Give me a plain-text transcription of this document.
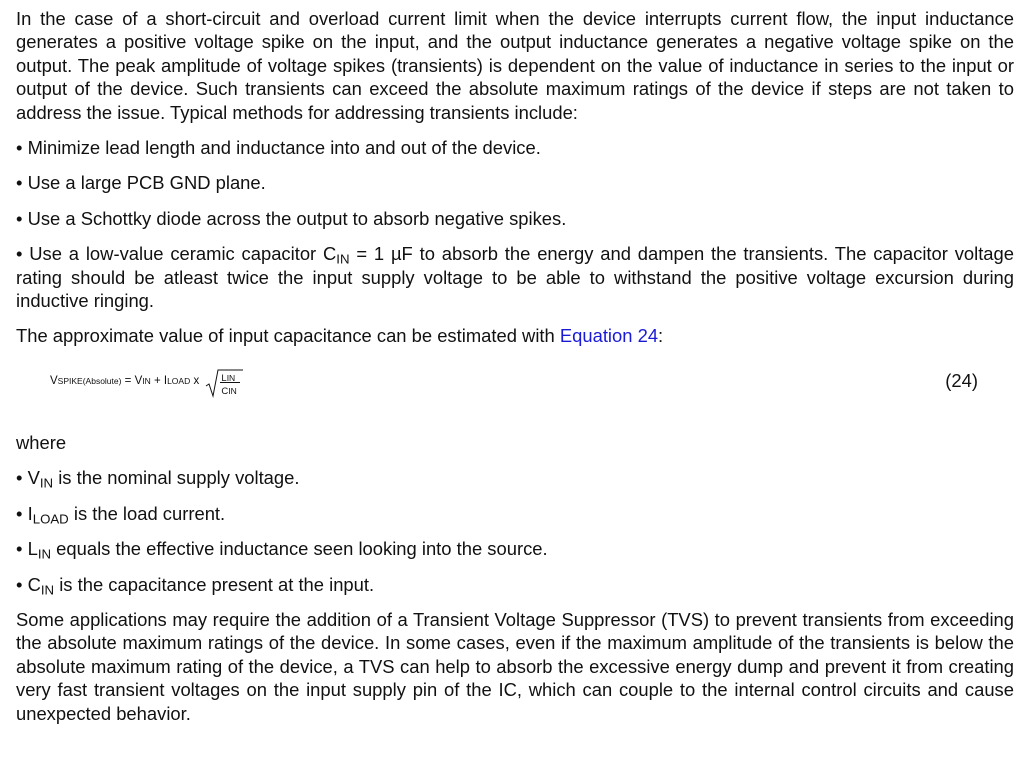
In the case of a short-circuit and overload current limit when the device interrupts current flow, the input inductance generates a positive voltage spike on the input, and the output inductance generates a negative voltage spike on the output. The peak amplitude of voltage spikes (transients) is dependent on the value of inductance in series to the input or output of the device. Such transients can exceed the absolute maximum ratings of the device if steps are not taken to address the issue. Typical methods for addressing transients include:

• Minimize lead length and inductance into and out of the device.

• Use a large PCB GND plane.

• Use a Schottky diode across the output to absorb negative spikes.

• Use a low-value ceramic capacitor $C_{IN} = 1$ µF to absorb the energy and dampen the transients. The capacitor voltage rating should be atleast twice the input supply voltage to be able to withstand the positive voltage excursion during inductive ringing.

The approximate value of input capacitance can be estimated with Equation 24:

VSPIKE(Absolute) = VIN + ILOAD x LIN
CIN	(24)

where

• $V_{IN}$ is the nominal supply voltage.

• $I_{LOAD}$ is the load current.

• $L_{IN}$ equals the effective inductance seen looking into the source.

• $C_{IN}$ is the capacitance present at the input.

Some applications may require the addition of a Transient Voltage Suppressor (TVS) to prevent transients from exceeding the absolute maximum ratings of the device. In some cases, even if the maximum amplitude of the transients is below the absolute maximum rating of the device, a TVS can help to absorb the excessive energy dump and prevent it from creating very fast transient voltages on the input supply pin of the IC, which can couple to the internal control circuits and cause unexpected behavior.
